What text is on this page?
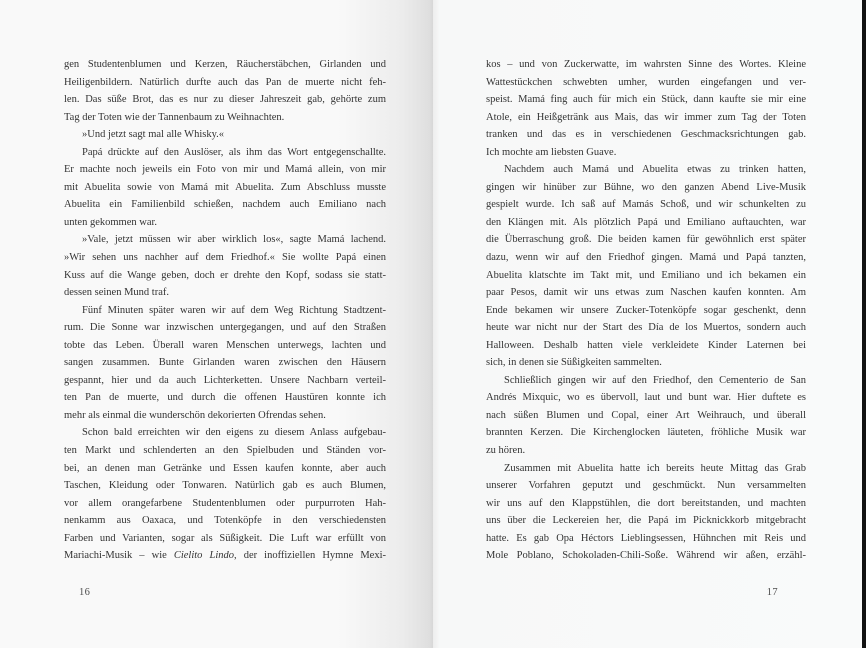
gen Studentenblumen und Kerzen, Räucherstäbchen, Girlanden und
Heiligenbildern. Natürlich durfte auch das Pan de muerte nicht feh-
len. Das süße Brot, das es nur zu dieser Jahreszeit gab, gehörte zum
Tag der Toten wie der Tannenbaum zu Weihnachten.
»Und jetzt sagt mal alle Whisky.«
Papá drückte auf den Auslöser, als ihm das Wort entgegenschallte.
Er machte noch jeweils ein Foto von mir und Mamá allein, von mir
mit Abuelita sowie von Mamá mit Abuelita. Zum Abschluss musste
Abuelita ein Familienbild schießen, nachdem auch Emiliano nach
unten gekommen war.
»Vale, jetzt müssen wir aber wirklich los«, sagte Mamá lachend.
»Wir sehen uns nachher auf dem Friedhof.« Sie wollte Papá einen
Kuss auf die Wange geben, doch er drehte den Kopf, sodass sie statt-
dessen seinen Mund traf.
Fünf Minuten später waren wir auf dem Weg Richtung Stadtzent-
rum. Die Sonne war inzwischen untergegangen, und auf den Straßen
tobte das Leben. Überall waren Menschen unterwegs, lachten und
sangen zusammen. Bunte Girlanden waren zwischen den Häusern
gespannt, hier und da auch Lichterketten. Unsere Nachbarn verteil-
ten Pan de muerte, und durch die offenen Haustüren konnte ich
mehr als einmal die wunderschön dekorierten Ofrendas sehen.
Schon bald erreichten wir den eigens zu diesem Anlass aufgebau-
ten Markt und schlenderten an den Spielbuden und Ständen vor-
bei, an denen man Getränke und Essen kaufen konnte, aber auch
Taschen, Kleidung oder Tonwaren. Natürlich gab es auch Blumen,
vor allem orangefarbene Studentenblumen oder purpurroten Hah-
nenkamm aus Oaxaca, und Totenköpfe in den verschiedensten
Farben und Varianten, sogar als Süßigkeit. Die Luft war erfüllt von
Mariachi-Musik – wie Cielito Lindo, der inoffiziellen Hymne Mexi-
16
kos – und von Zuckerwatte, im wahrsten Sinne des Wortes. Kleine
Wattestückchen schwebten umher, wurden eingefangen und ver-
speist. Mamá fing auch für mich ein Stück, dann kaufte sie mir eine
Atole, ein Heißgetränk aus Mais, das wir immer zum Tag der Toten
tranken und das es in verschiedenen Geschmacksrichtungen gab.
Ich mochte am liebsten Guave.
Nachdem auch Mamá und Abuelita etwas zu trinken hatten,
gingen wir hinüber zur Bühne, wo den ganzen Abend Live-Musik
gespielt wurde. Ich saß auf Mamás Schoß, und wir schunkelten zu
den Klängen mit. Als plötzlich Papá und Emiliano auftauchten, war
die Überraschung groß. Die beiden kamen für gewöhnlich erst später
dazu, wenn wir auf den Friedhof gingen. Mamá und Papá tanzten,
Abuelita klatschte im Takt mit, und Emiliano und ich bekamen ein
paar Pesos, damit wir uns etwas zum Naschen kaufen konnten. Am
Ende bekamen wir unsere Zucker-Totenköpfe sogar geschenkt, denn
heute war nicht nur der Start des Día de los Muertos, sondern auch
Halloween. Deshalb hatten viele verkleidete Kinder Laternen bei
sich, in denen sie Süßigkeiten sammelten.
Schließlich gingen wir auf den Friedhof, den Cementerio de San
Andrés Mixquic, wo es übervoll, laut und bunt war. Hier duftete es
nach süßen Blumen und Copal, einer Art Weihrauch, und überall
brannten Kerzen. Die Kirchenglocken läuteten, fröhliche Musik war
zu hören.
Zusammen mit Abuelita hatte ich bereits heute Mittag das Grab
unserer Vorfahren geputzt und geschmückt. Nun versammelten
wir uns auf den Klappstühlen, die dort bereitstanden, und machten
uns über die Leckereien her, die Papá im Picknickkorb mitgebracht
hatte. Es gab Opa Héctors Lieblingsessen, Hühnchen mit Reis und
Mole Poblano, Schokoladen-Chili-Soße. Während wir aßen, erzähl-
17
